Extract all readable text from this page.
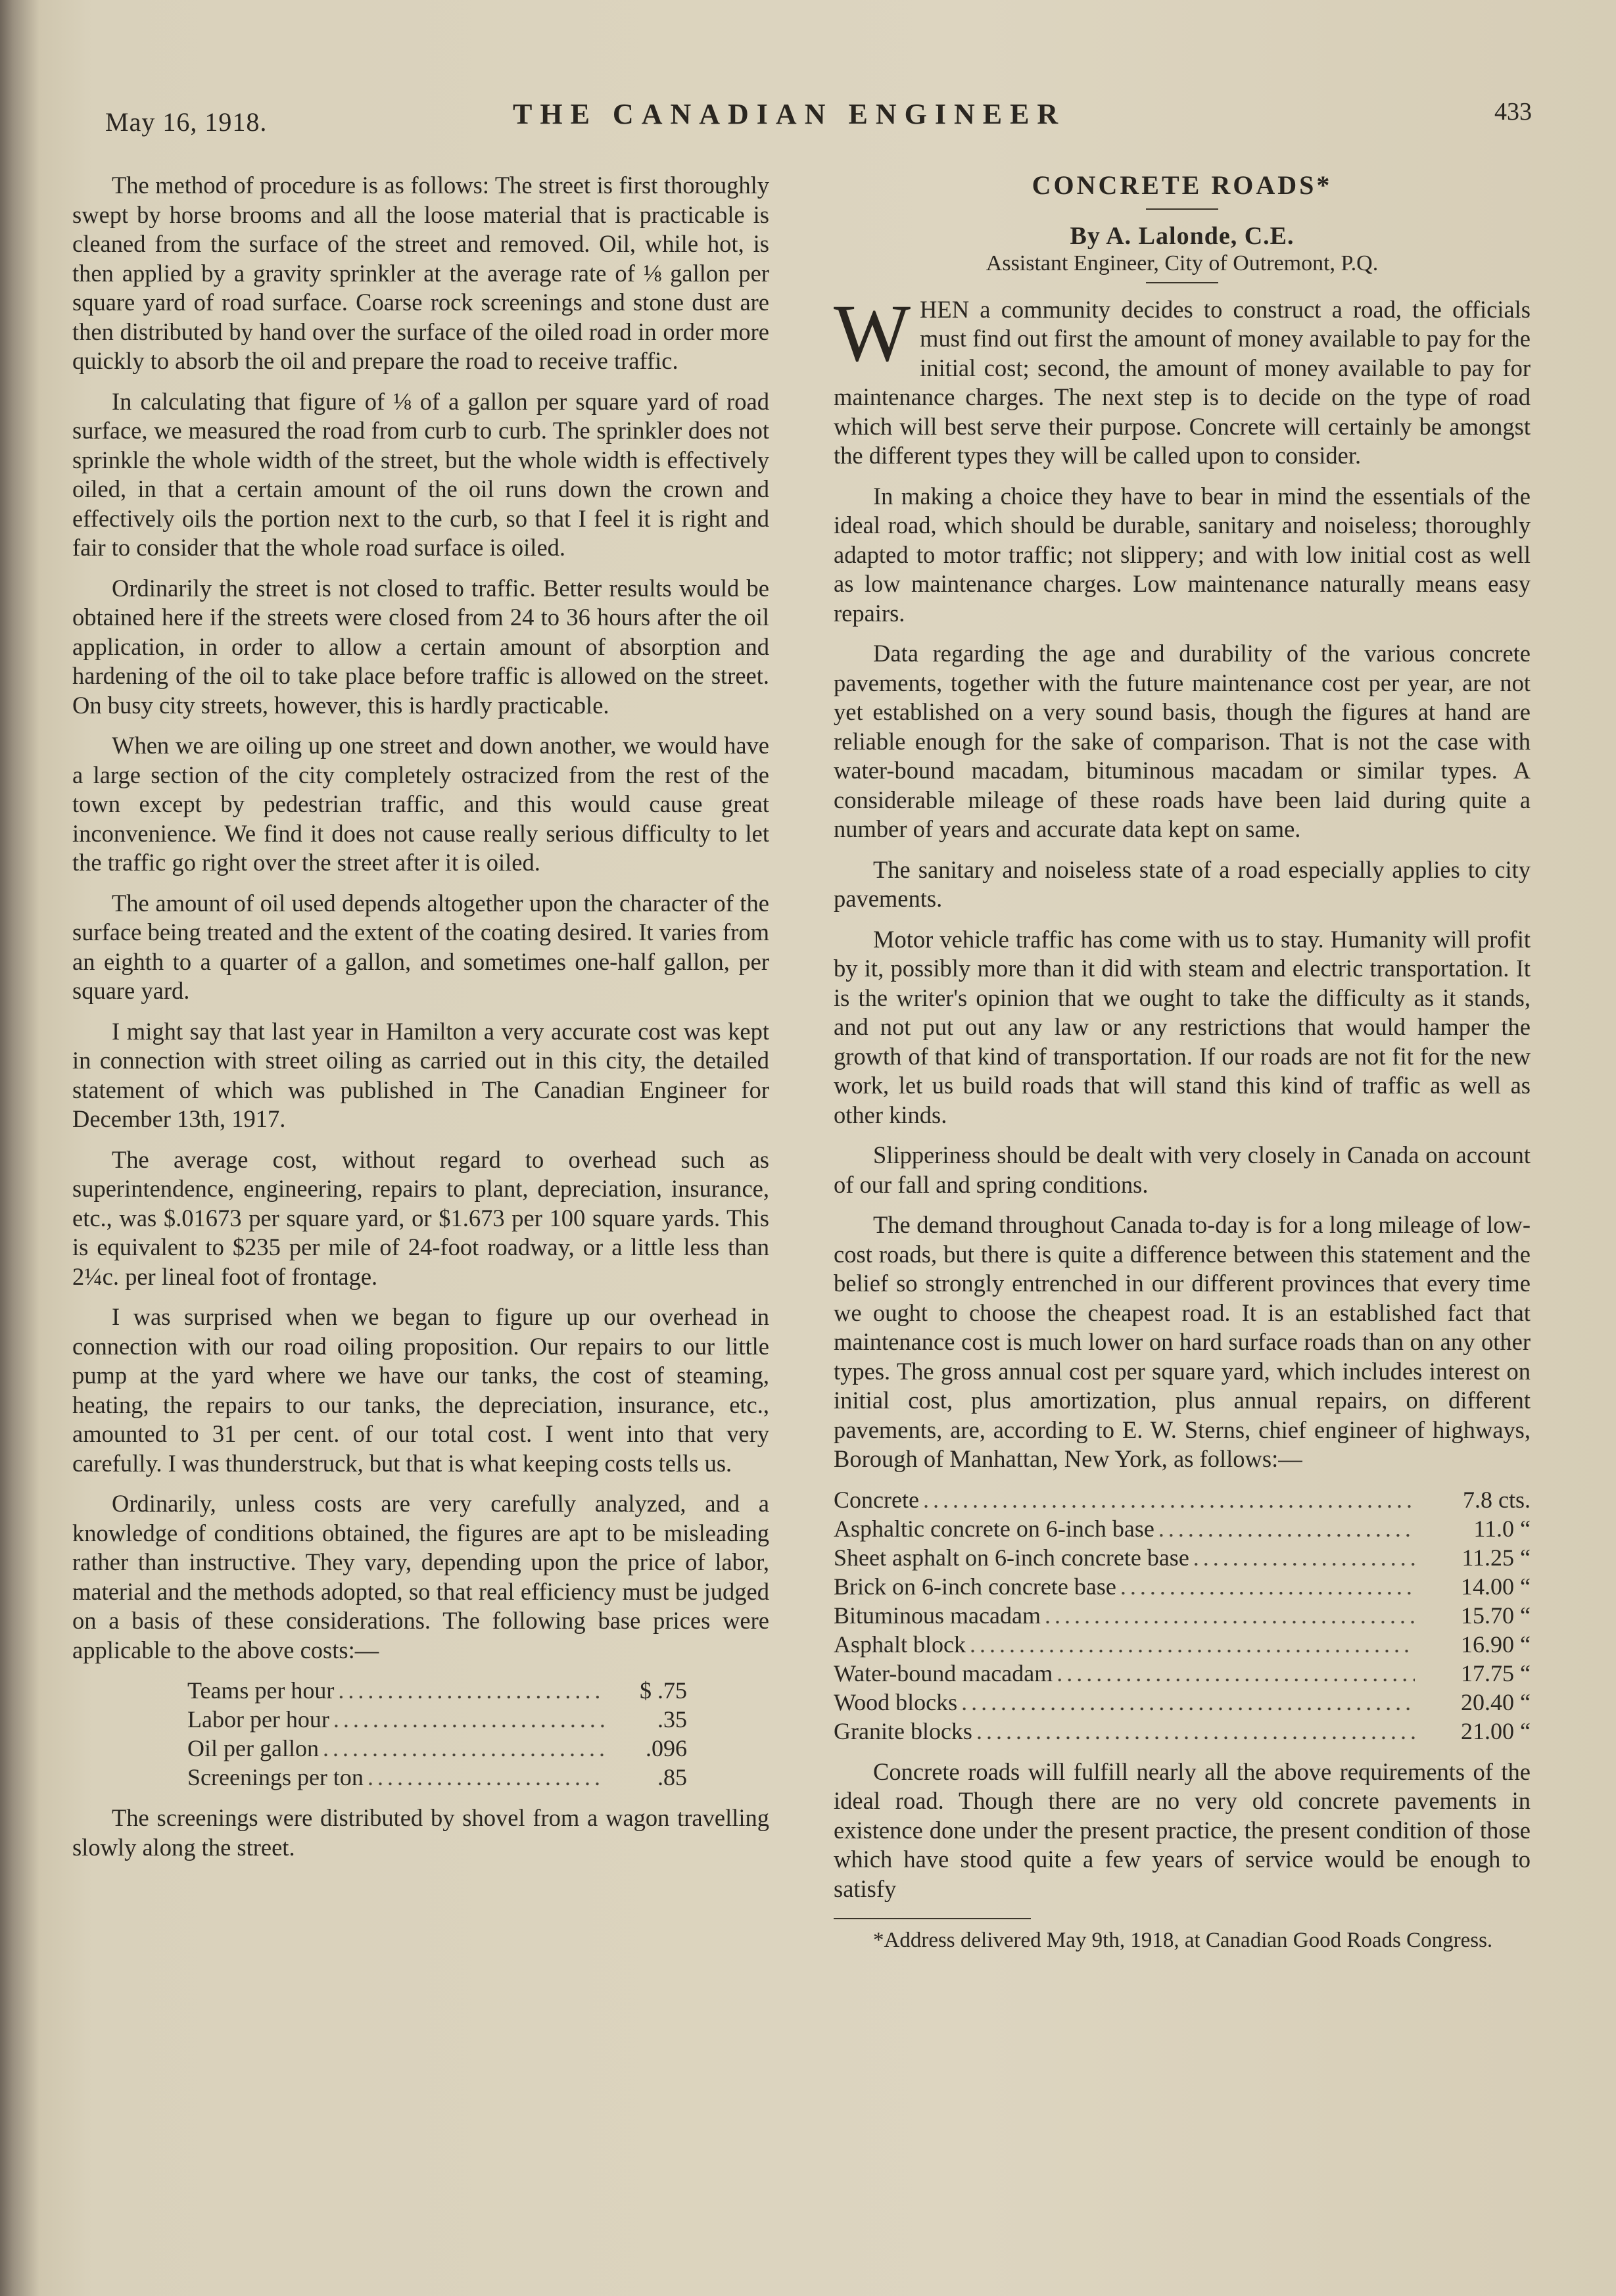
May 16, 1918.	THE CANADIAN ENGINEER	433

The method of procedure is as follows: The street is first thoroughly swept by horse brooms and all the loose material that is practicable is cleaned from the surface of the street and removed. Oil, while hot, is then applied by a gravity sprinkler at the average rate of ⅛ gallon per square yard of road surface. Coarse rock screenings and stone dust are then distributed by hand over the surface of the oiled road in order more quickly to absorb the oil and prepare the road to receive traffic.

In calculating that figure of ⅛ of a gallon per square yard of road surface, we measured the road from curb to curb. The sprinkler does not sprinkle the whole width of the street, but the whole width is effectively oiled, in that a certain amount of the oil runs down the crown and effectively oils the portion next to the curb, so that I feel it is right and fair to consider that the whole road surface is oiled.

Ordinarily the street is not closed to traffic. Better results would be obtained here if the streets were closed from 24 to 36 hours after the oil application, in order to allow a certain amount of absorption and hardening of the oil to take place before traffic is allowed on the street. On busy city streets, however, this is hardly practicable.

When we are oiling up one street and down another, we would have a large section of the city completely ostracized from the rest of the town except by pedestrian traffic, and this would cause great inconvenience. We find it does not cause really serious difficulty to let the traffic go right over the street after it is oiled.

The amount of oil used depends altogether upon the character of the surface being treated and the extent of the coating desired. It varies from an eighth to a quarter of a gallon, and sometimes one-half gallon, per square yard.

I might say that last year in Hamilton a very accurate cost was kept in connection with street oiling as carried out in this city, the detailed statement of which was published in The Canadian Engineer for December 13th, 1917.

The average cost, without regard to overhead such as superintendence, engineering, repairs to plant, depreciation, insurance, etc., was $.01673 per square yard, or $1.673 per 100 square yards. This is equivalent to $235 per mile of 24-foot roadway, or a little less than 2¼c. per lineal foot of frontage.

I was surprised when we began to figure up our overhead in connection with our road oiling proposition. Our repairs to our little pump at the yard where we have our tanks, the cost of steaming, heating, the repairs to our tanks, the depreciation, insurance, etc., amounted to 31 per cent. of our total cost. I went into that very carefully. I was thunderstruck, but that is what keeping costs tells us.

Ordinarily, unless costs are very carefully analyzed, and a knowledge of conditions obtained, the figures are apt to be misleading rather than instructive. They vary, depending upon the price of labor, material and the methods adopted, so that real efficiency must be judged on a basis of these considerations. The following base prices were applicable to the above costs:—

Teams per hour .....	$ .75
Labor per hour .....	.35
Oil per gallon .....	.096
Screenings per ton .....	.85

The screenings were distributed by shovel from a wagon travelling slowly along the street.

CONCRETE ROADS*
By A. Lalonde, C.E.
Assistant Engineer, City of Outremont, P.Q.

WHEN a community decides to construct a road, the officials must find out first the amount of money available to pay for the initial cost; second, the amount of money available to pay for maintenance charges. The next step is to decide on the type of road which will best serve their purpose. Concrete will certainly be amongst the different types they will be called upon to consider.

In making a choice they have to bear in mind the essentials of the ideal road, which should be durable, sanitary and noiseless; thoroughly adapted to motor traffic; not slippery; and with low initial cost as well as low maintenance charges. Low maintenance naturally means easy repairs.

Data regarding the age and durability of the various concrete pavements, together with the future maintenance cost per year, are not yet established on a very sound basis, though the figures at hand are reliable enough for the sake of comparison. That is not the case with water-bound macadam, bituminous macadam or similar types. A considerable mileage of these roads have been laid during quite a number of years and accurate data kept on same.

The sanitary and noiseless state of a road especially applies to city pavements.

Motor vehicle traffic has come with us to stay. Humanity will profit by it, possibly more than it did with steam and electric transportation. It is the writer's opinion that we ought to take the difficulty as it stands, and not put out any law or any restrictions that would hamper the growth of that kind of transportation. If our roads are not fit for the new work, let us build roads that will stand this kind of traffic as well as other kinds.

Slipperiness should be dealt with very closely in Canada on account of our fall and spring conditions.

The demand throughout Canada to-day is for a long mileage of low-cost roads, but there is quite a difference between this statement and the belief so strongly entrenched in our different provinces that every time we ought to choose the cheapest road. It is an established fact that maintenance cost is much lower on hard surface roads than on any other types. The gross annual cost per square yard, which includes interest on initial cost, plus amortization, plus annual repairs, on different pavements, are, according to E. W. Sterns, chief engineer of highways, Borough of Manhattan, New York, as follows:—

Concrete .....	7.8 cts.
Asphaltic concrete on 6-inch base .....	11.0 “
Sheet asphalt on 6-inch concrete base .....	11.25 “
Brick on 6-inch concrete base .....	14.00 “
Bituminous macadam .....	15.70 “
Asphalt block .....	16.90 “
Water-bound macadam .....	17.75 “
Wood blocks .....	20.40 “
Granite blocks .....	21.00 “

Concrete roads will fulfill nearly all the above requirements of the ideal road. Though there are no very old concrete pavements in existence done under the present practice, the present condition of those which have stood quite a few years of service would be enough to satisfy

*Address delivered May 9th, 1918, at Canadian Good Roads Congress.
